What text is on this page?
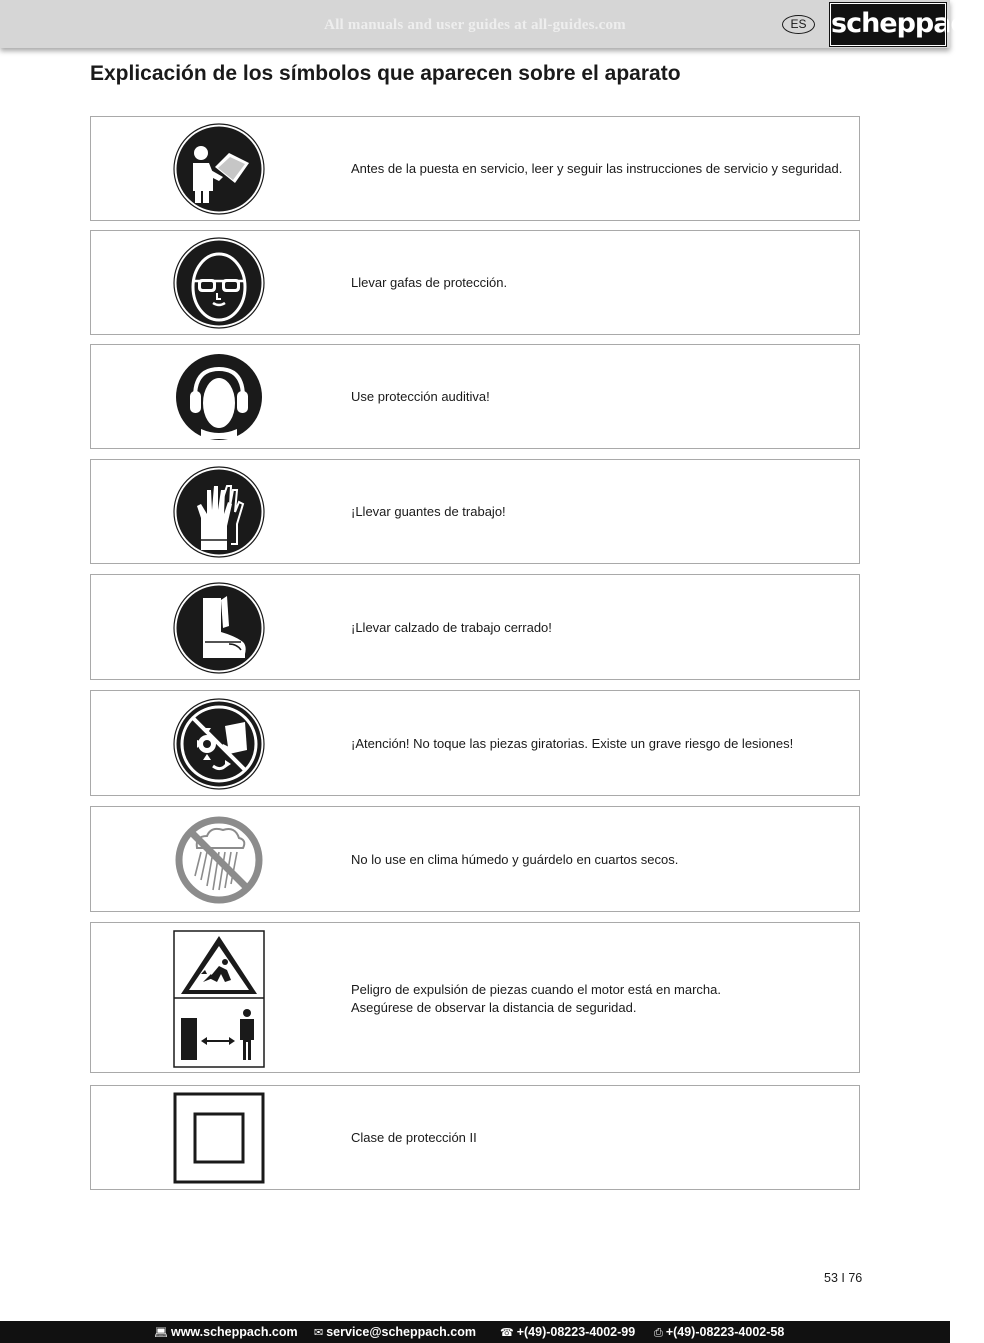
All manuals and user guides at all-guides.com	ES scheppach
Explicación de los símbolos que aparecen sobre el aparato
Antes de la puesta en servicio, leer y seguir las instrucciones de servicio y seguridad.
Llevar gafas de protección.
Use protección auditiva!
¡Llevar guantes de trabajo!
¡Llevar calzado de trabajo cerrado!
¡Atención! No toque las piezas giratorias. Existe un grave riesgo de lesiones!
No lo use en clima húmedo y guárdelo en cuartos secos.
Peligro de expulsión de piezas cuando el motor está en marcha.
Asegúrese de observar la distancia de seguridad.
Clase de protección II
53 I 76
💻︎ www.scheppach.com ✉ service@scheppach.com ☎ +(49)-08223-4002-99 ⎙ +(49)-08223-4002-58
